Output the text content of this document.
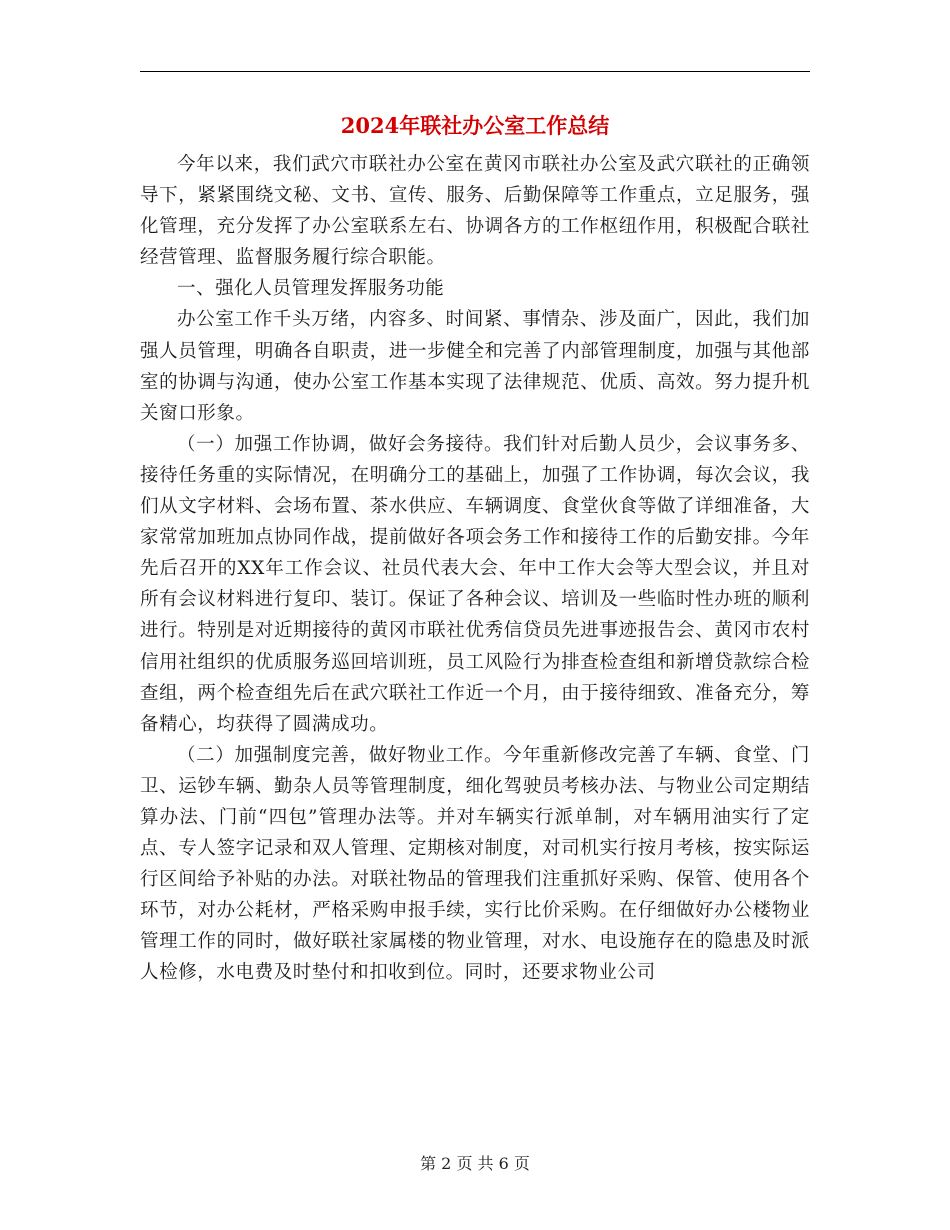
2024年联社办公室工作总结

今年以来，我们武穴市联社办公室在黄冈市联社办公室及武穴联社的正确领导下，紧紧围绕文秘、文书、宣传、服务、后勤保障等工作重点，立足服务，强化管理，充分发挥了办公室联系左右、协调各方的工作枢纽作用，积极配合联社经营管理、监督服务履行综合职能。

一、强化人员管理发挥服务功能

办公室工作千头万绪，内容多、时间紧、事情杂、涉及面广，因此，我们加强人员管理，明确各自职责，进一步健全和完善了内部管理制度，加强与其他部室的协调与沟通，使办公室工作基本实现了法律规范、优质、高效。努力提升机关窗口形象。

（一）加强工作协调，做好会务接待。我们针对后勤人员少，会议事务多、接待任务重的实际情况，在明确分工的基础上，加强了工作协调，每次会议，我们从文字材料、会场布置、茶水供应、车辆调度、食堂伙食等做了详细准备，大家常常加班加点协同作战，提前做好各项会务工作和接待工作的后勤安排。今年先后召开的XX年工作会议、社员代表大会、年中工作大会等大型会议，并且对所有会议材料进行复印、装订。保证了各种会议、培训及一些临时性办班的顺利进行。特别是对近期接待的黄冈市联社优秀信贷员先进事迹报告会、黄冈市农村信用社组织的优质服务巡回培训班，员工风险行为排查检查组和新增贷款综合检查组，两个检查组先后在武穴联社工作近一个月，由于接待细致、准备充分，筹备精心，均获得了圆满成功。

（二）加强制度完善，做好物业工作。今年重新修改完善了车辆、食堂、门卫、运钞车辆、勤杂人员等管理制度，细化驾驶员考核办法、与物业公司定期结算办法、门前“四包”管理办法等。并对车辆实行派单制，对车辆用油实行了定点、专人签字记录和双人管理、定期核对制度，对司机实行按月考核，按实际运行区间给予补贴的办法。对联社物品的管理我们注重抓好采购、保管、使用各个环节，对办公耗材，严格采购申报手续，实行比价采购。在仔细做好办公楼物业管理工作的同时，做好联社家属楼的物业管理，对水、电设施存在的隐患及时派人检修，水电费及时垫付和扣收到位。同时，还要求物业公司

第 2 页 共 6 页
